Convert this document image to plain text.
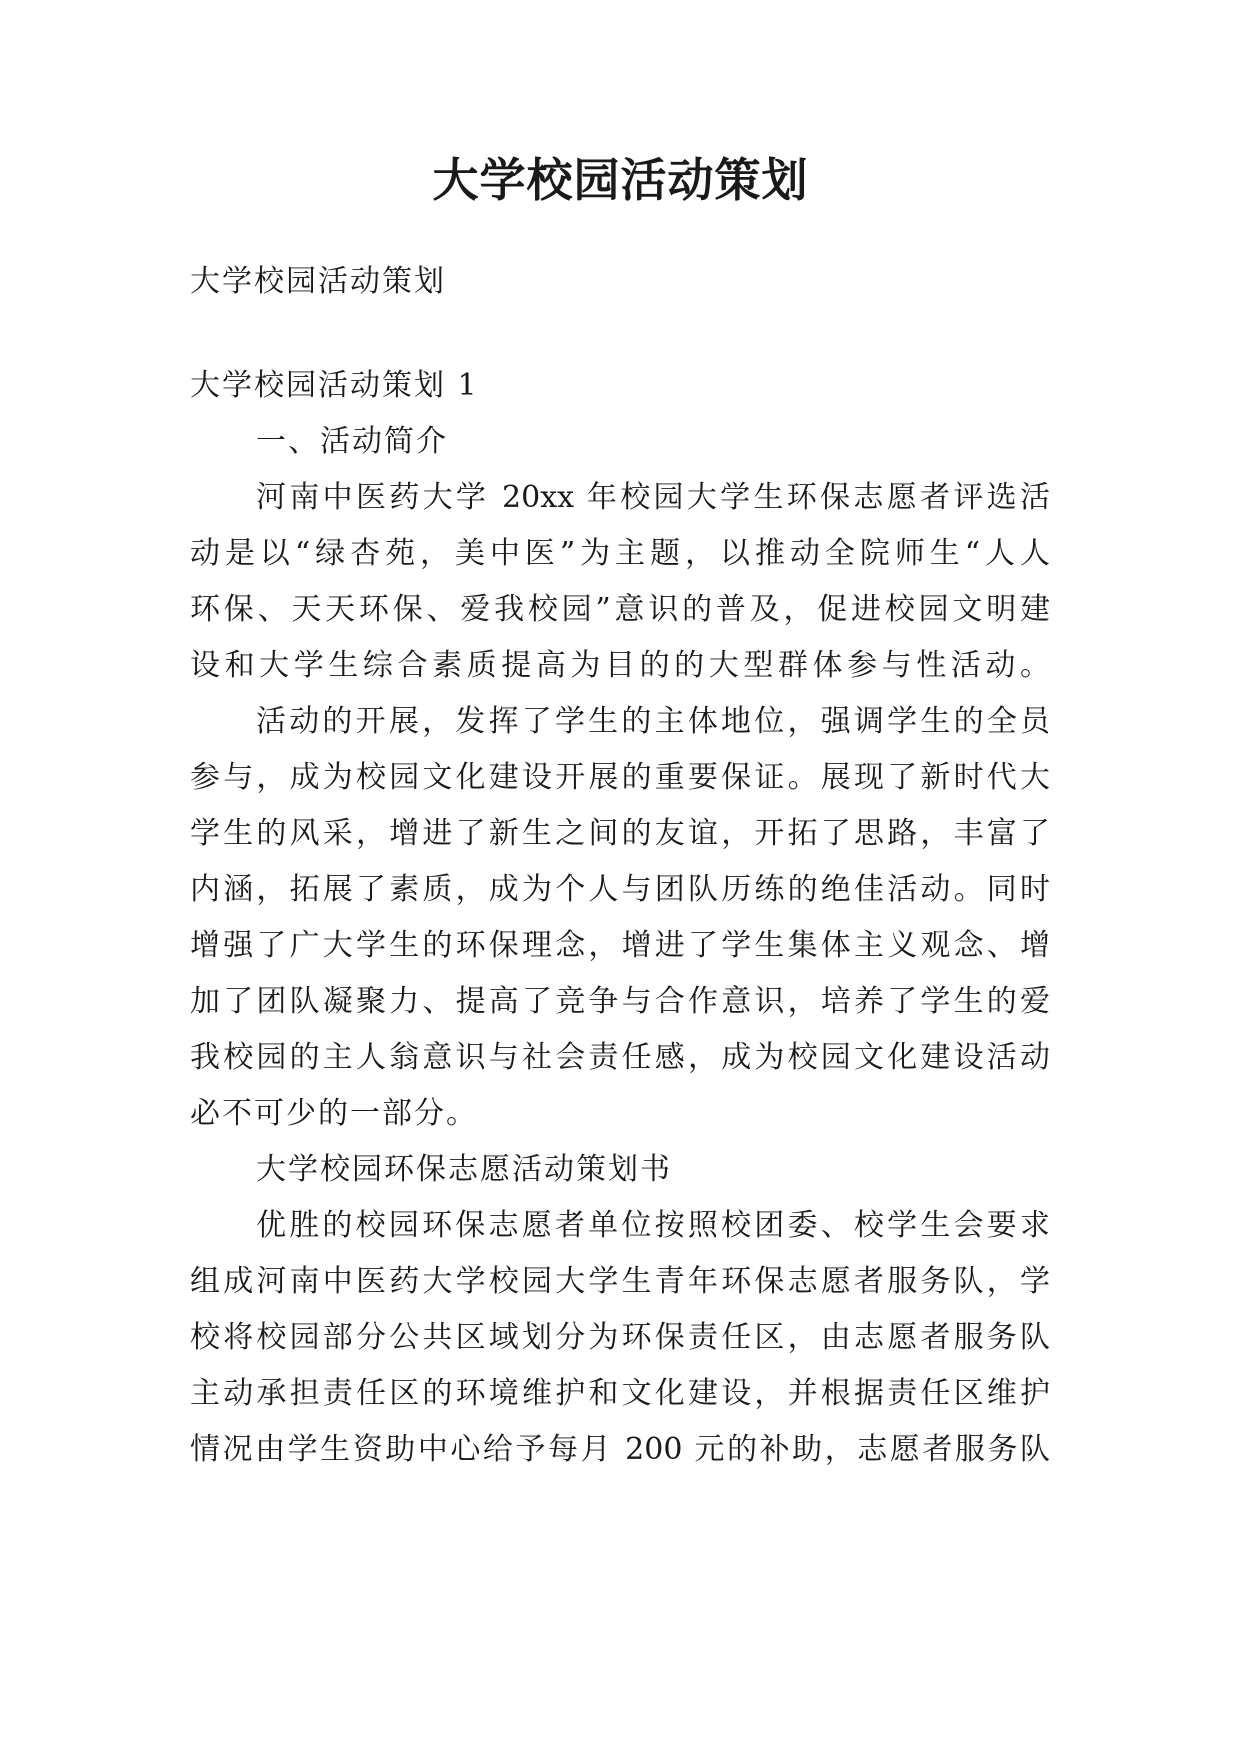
大学校园活动策划
大学校园活动策划
大学校园活动策划 1
一、活动简介
河南中医药大学 20xx 年校园大学生环保志愿者评选活
动是以“绿杏苑，美中医”为主题，以推动全院师生“人人
环保、天天环保、爱我校园”意识的普及，促进校园文明建
设和大学生综合素质提高为目的的大型群体参与性活动。
活动的开展，发挥了学生的主体地位，强调学生的全员
参与，成为校园文化建设开展的重要保证。展现了新时代大
学生的风采，增进了新生之间的友谊，开拓了思路，丰富了
内涵，拓展了素质，成为个人与团队历练的绝佳活动。同时
增强了广大学生的环保理念，增进了学生集体主义观念、增
加了团队凝聚力、提高了竞争与合作意识，培养了学生的爱
我校园的主人翁意识与社会责任感，成为校园文化建设活动
必不可少的一部分。
大学校园环保志愿活动策划书
优胜的校园环保志愿者单位按照校团委、校学生会要求
组成河南中医药大学校园大学生青年环保志愿者服务队，学
校将校园部分公共区域划分为环保责任区，由志愿者服务队
主动承担责任区的环境维护和文化建设，并根据责任区维护
情况由学生资助中心给予每月 200 元的补助，志愿者服务队
